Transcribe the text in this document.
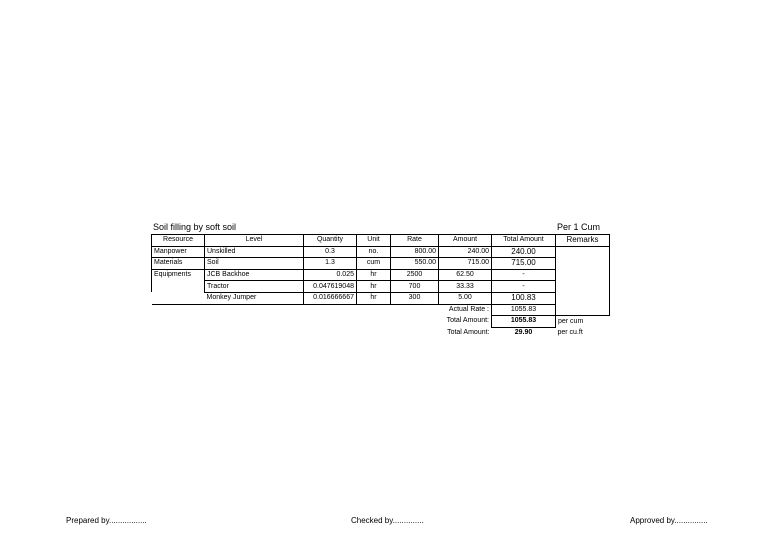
Soil filling by soft soil	Per 1 Cum
Resource	Level	Quantity	Unit	Rate	Amount	Total Amount	Remarks
Manpower	Unskilled	0.3	no.	800.00	240.00	240.00	
Materials	Soil	1.3	cum	550.00	715.00	715.00	
Equipments	JCB Backhoe	0.025	hr	2500	62.50	-	
	Tractor	0.047619048	hr	700	33.33	-	
	Monkey Jumper	0.016666667	hr	300	5.00	100.83	
Actual Rate :						1055.83	
Total Amount:						1055.83	per cum
Total Amount:						29.90	per cu.ft
Prepared by.................	Checked by..............	Approved by...............
